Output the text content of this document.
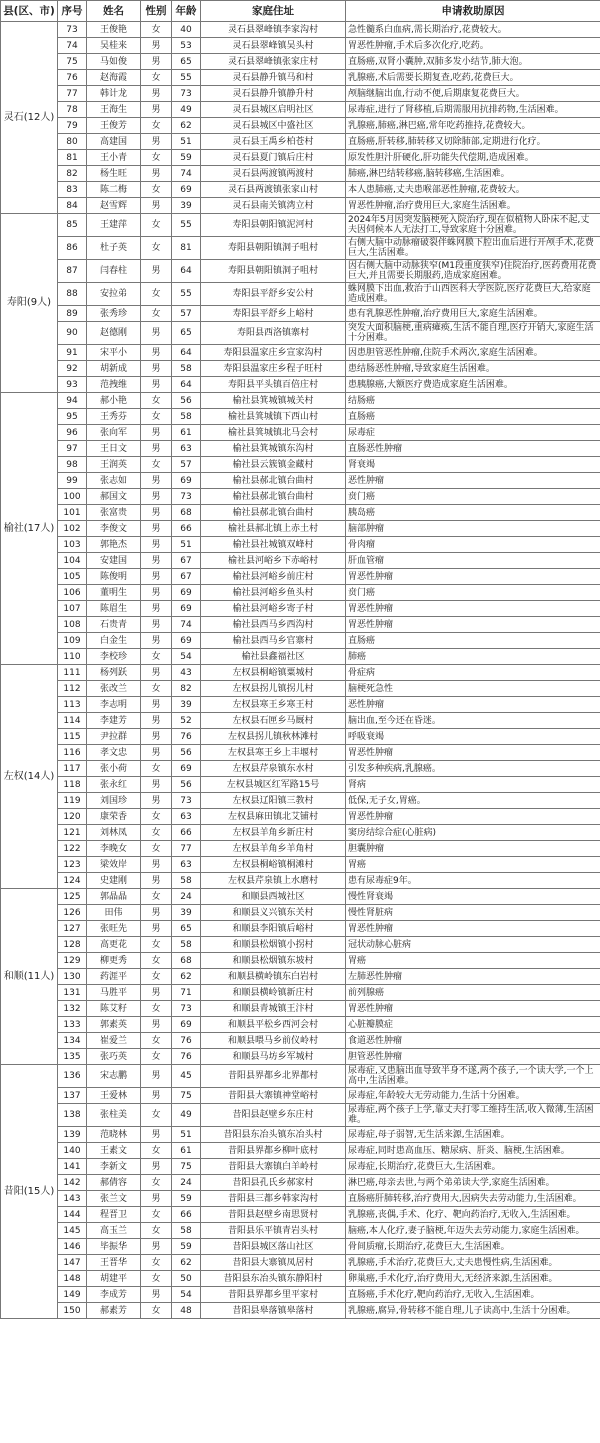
县(区、市)	序号	姓名	性别	年龄	家庭住址	申请救助原因
灵石(12人)	73	王俊艳	女	40	灵石县翠峰镇李家沟村	急性髓系白血病,需长期治疗,花费较大。
	74	吴桂来	男	53	灵石县翠峰镇吴头村	胃恶性肿瘤,手术后多次化疗,吃药。
	75	马如俊	男	65	灵石县翠峰镇张家庄村	直肠癌,双肾小囊肿,双肺多发小结节,肺大泡。
	76	赵海霞	女	55	灵石县静升镇马和村	乳腺癌,术后需要长期复查,吃药,花费巨大。
	77	韩计龙	男	73	灵石县静升镇静升村	颅脑继脑出血,行动不便,后期康复花费巨大。
	78	王海生	男	49	灵石县城区启明社区	尿毒症,进行了肾移植,后期需服用抗排药物,生活困难。
	79	王俊芳	女	62	灵石县城区中盛社区	乳腺癌,肺癌,淋巴癌,常年吃药推持,花费较大。
	80	高建国	男	51	灵石县王禹乡柏苍村	直肠癌,肝转移,肺转移又切除肺部,定期进行化疗。
	81	王小青	女	59	灵石县夏门镇后庄村	原发性胆汁肝硬化,肝功能失代偿期,造成困难。
	82	杨生旺	男	74	灵石县两渡镇两渡村	肺癌,淋巴结转移癌,脑转移癌,生活困难。
	83	陈二梅	女	69	灵石县两渡镇张家山村	本人患肺癌,丈夫患喉部恶性肿瘤,花费较大。
	84	赵雪辉	男	39	灵石县南关镇湾立村	胃恶性肿瘤,治疗费用巨大,家庭生活困难。
寿阳(9人)	85	王建萍	女	55	寿阳县朝阳镇泥河村	2024年5月因突发脑梗死入院治疗,现在似植物人卧床不起,丈夫因伺候本人无法打工,导致家庭十分困难。
	86	杜子英	女	81	寿阳县朝阳镇洞子咀村	右侧大脑中动脉瘤破裂伴蛛网膜下腔出血后进行开颅手术,花费巨大,生活困难。
	87	闫春柱	男	64	寿阳县朝阳镇洞子咀村	因右侧大脑中动脉狭窄(M1段重度狭窄)住院治疗,医药费用花费巨大,并且需要长期服药,造成家庭困难。
	88	安拉弟	女	55	寿阳县平舒乡安公村	蛛网膜下出血,救治于山西医科大学医院,医疗花费巨大,给家庭造成困难。
	89	张秀珍	女	57	寿阳县平舒乡上峪村	患有乳腺恶性肿瘤,治疗费用巨大,家庭生活困难。
	90	赵德刚	男	65	寿阳县西洛镇寨村	突发大面积脑梗,重病瘫痪,生活不能自理,医疗开销大,家庭生活十分困难。
	91	宋平小	男	64	寿阳县温家庄乡宣家沟村	因患胆管恶性肿瘤,住院手术两次,家庭生活困难。
	92	胡新成	男	58	寿阳县温家庄乡程子旺村	患结肠恶性肿瘤,导致家庭生活困难。
	93	范拽维	男	64	寿阳县平头镇百倍庄村	患胰腺癌,大额医疗费造成家庭生活困难。
榆社(17人)	94	郝小艳	女	56	榆社县箕城镇城关村	结肠癌
	95	王秀芬	女	58	榆社县箕城镇下西山村	直肠癌
	96	张向军	男	61	榆社县箕城镇北马会村	尿毒症
	97	王日文	男	63	榆社县箕城镇东沟村	直肠恶性肿瘤
	98	王润英	女	57	榆社县云簇镇金藏村	肾衰竭
	99	张志如	男	69	榆社县郝北镇台曲村	恶性肿瘤
	100	郝国文	男	73	榆社县郝北镇台曲村	贲门癌
	101	张富贵	男	68	榆社县郝北镇台曲村	胰岛癌
	102	李俊文	男	66	榆社县郝北镇上赤土村	脑部肿瘤
	103	郭艳杰	男	51	榆社县社城镇双峰村	骨肉瘤
	104	安建国	男	67	榆社县河峪乡下赤峪村	肝血管瘤
	105	陈俊明	男	67	榆社县河峪乡前庄村	胃恶性肿瘤
	106	董明生	男	69	榆社县河峪乡鱼头村	贲门癌
	107	陈眉生	男	69	榆社县河峪乡寄子村	胃恶性肿瘤
	108	石贵青	男	74	榆社县西马乡西沟村	胃恶性肿瘤
	109	白金生	男	69	榆社县西马乡官寨村	直肠癌
	110	李校珍	女	54	榆社县鑫福社区	肺癌
左权(14人)	111	杨列跃	男	43	左权县桐峪镇粟城村	骨症病
	112	张改兰	女	82	左权县拐儿镇拐儿村	脑梗死急性
	113	李志明	男	39	左权县寒王乡寒王村	恶性肿瘤
	114	李建芳	男	52	左权县石匣乡马厩村	脑出血,至今还在昏迷。
	115	尹拉群	男	76	左权县拐儿镇秋林滩村	呼吸衰竭
	116	孝文忠	男	56	左权县寒王乡上丰堰村	胃恶性肿瘤
	117	张小荷	女	69	左权县芹泉镇东水村	引发多种疾病,乳腺癌。
	118	张永红	男	56	左权县城区红军路15号	肾病
	119	刘国珍	男	73	左权县辽阳镇三教村	低保,无子女,胃癌。
	120	康荣香	女	63	左权县麻田镇北艾铺村	胃恶性肿瘤
	121	刘林凤	女	66	左权县羊角乡新庄村	窦房结综合症(心脏病)
	122	李晚女	女	77	左权县羊角乡羊角村	胆囊肿瘤
	123	梁效岸	男	63	左权县桐峪镇桐滩村	胃癌
	124	史建刚	男	58	左权县芹泉镇上水磨村	患有尿毒症9年。
和顺(11人)	125	郭晶晶	女	24	和顺县西城社区	慢性肾衰竭
	126	田伟	男	39	和顺县义兴镇东关村	慢性肾脏病
	127	张旺先	男	65	和顺县李阳镇后峪村	胃恶性肿瘤
	128	高更花	女	58	和顺县松烟镇小拐村	冠状动脉心脏病
	129	柳更秀	女	68	和顺县松烟镇东坡村	胃癌
	130	药涯平	女	62	和顺县横岭镇东白岩村	左肺恶性肿瘤
	131	马胜平	男	71	和顺县横岭镇新庄村	前列腺癌
	132	陈艾籽	女	73	和顺县青城镇王汴村	胃恶性肿瘤
	133	郭素英	男	69	和顺县平松乡西河会村	心脏瓣膜症
	134	崔爱兰	女	76	和顺县喂马乡前仪岭村	食道恶性肿瘤
	135	张巧英	女	76	和顺县马坊乡军城村	胆管恶性肿瘤
昔阳(15人)	136	宋志鹏	男	45	昔阳县界都乡北界都村	尿毒症,又患脑出血导致半身不遂,两个孩子,一个读大学,一个上高中,生活困难。
	137	王爱林	男	75	昔阳县大寨镇神堂峪村	尿毒症,年龄较大无劳动能力,生活十分困难。
	138	张柱美	女	49	昔阳县赵壁乡东庄村	尿毒症,两个孩子上学,靠丈夫打零工维持生活,收入微薄,生活困难。
	139	范晓林	男	51	昔阳县东冶头镇东冶头村	尿毒症,母子弱智,无生活来源,生活困难。
	140	王素文	女	61	昔阳县界都乡柳叶底村	尿毒症,同时患高血压、糖尿病、肝炎、脑梗,生活困难。
	141	李新文	男	75	昔阳县大寨镇白羊岭村	尿毒症,长期治疗,花费巨大,生活困难。
	142	郝倩容	女	24	昔阳县孔氏乡郝家村	淋巴癌,母亲去世,与两个弟弟读大学,家庭生活困难。
	143	张兰文	男	59	昔阳县三都乡韩家沟村	直肠癌肝肺转移,治疗费用大,因病失去劳动能力,生活困难。
	144	程晋卫	女	66	昔阳县赵壁乡南思贤村	乳腺癌,丧偶,手术、化疗、靶向药治疗,无收入,生活困难。
	145	高玉兰	女	58	昔阳县乐平镇青岩头村	脑癌,本人化疗,妻子脑梗,年迈失去劳动能力,家庭生活困难。
	146	毕振华	男	59	昔阳县城区落山社区	骨间质瘤,长期治疗,花费巨大,生活困难。
	147	王晋华	女	62	昔阳县大寨镇凤居村	乳腺癌,手术治疗,花费巨大,丈夫患慢性病,生活困难。
	148	胡建平	女	50	昔阳县东冶头镇东静阳村	卵巢癌,手术化疗,治疗费用大,无经济来源,生活困难。
	149	李成芳	男	54	昔阳县界都乡里平家村	直肠癌,手术化疗,靶向药治疗,无收入,生活困难。
	150	郝素芳	女	48	昔阳县皋落镇皋落村	乳腺癌,腐异,骨转移不能自理,儿子读高中,生活十分困难。
